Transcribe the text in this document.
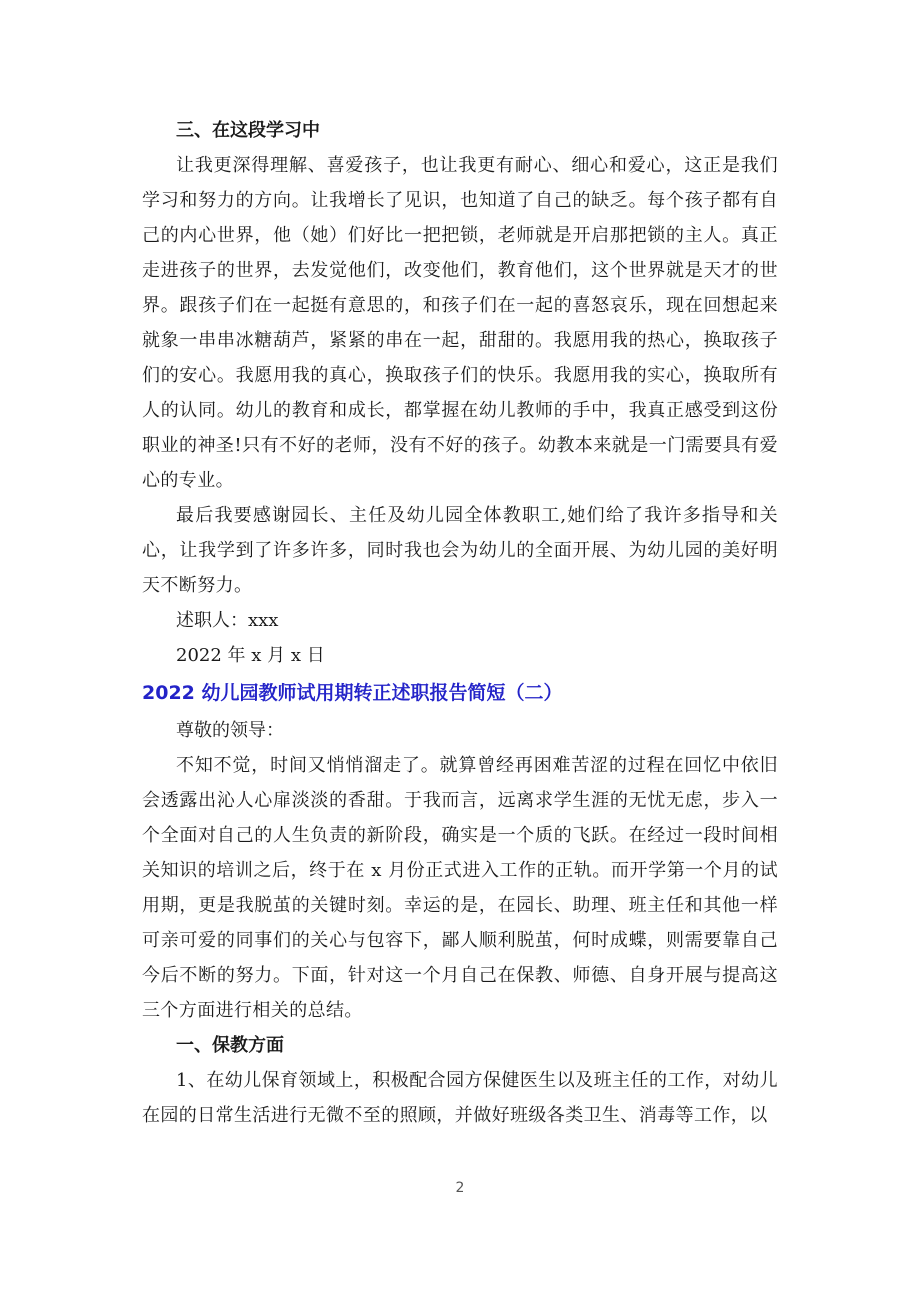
三、在这段学习中

让我更深得理解、喜爱孩子，也让我更有耐心、细心和爱心，这正是我们学习和努力的方向。让我增长了见识，也知道了自己的缺乏。每个孩子都有自己的内心世界，他（她）们好比一把把锁，老师就是开启那把锁的主人。真正走进孩子的世界，去发觉他们，改变他们，教育他们，这个世界就是天才的世界。跟孩子们在一起挺有意思的，和孩子们在一起的喜怒哀乐，现在回想起来就象一串串冰糖葫芦，紧紧的串在一起，甜甜的。我愿用我的热心，换取孩子们的安心。我愿用我的真心，换取孩子们的快乐。我愿用我的实心，换取所有人的认同。幼儿的教育和成长，都掌握在幼儿教师的手中，我真正感受到这份职业的神圣!只有不好的老师，没有不好的孩子。幼教本来就是一门需要具有爱心的专业。

最后我要感谢园长、主任及幼儿园全体教职工,她们给了我许多指导和关心，让我学到了许多许多，同时我也会为幼儿的全面开展、为幼儿园的美好明天不断努力。

述职人：xxx

2022 年 x 月 x 日

2022 幼儿园教师试用期转正述职报告简短（二）

尊敬的领导：

不知不觉，时间又悄悄溜走了。就算曾经再困难苦涩的过程在回忆中依旧会透露出沁人心扉淡淡的香甜。于我而言，远离求学生涯的无忧无虑，步入一个全面对自己的人生负责的新阶段，确实是一个质的飞跃。在经过一段时间相关知识的培训之后，终于在 x 月份正式进入工作的正轨。而开学第一个月的试用期，更是我脱茧的关键时刻。幸运的是，在园长、助理、班主任和其他一样可亲可爱的同事们的关心与包容下，鄙人顺利脱茧，何时成蝶，则需要靠自己今后不断的努力。下面，针对这一个月自己在保教、师德、自身开展与提高这三个方面进行相关的总结。

一、保教方面

1、在幼儿保育领域上，积极配合园方保健医生以及班主任的工作，对幼儿在园的日常生活进行无微不至的照顾，并做好班级各类卫生、消毒等工作，以

2
